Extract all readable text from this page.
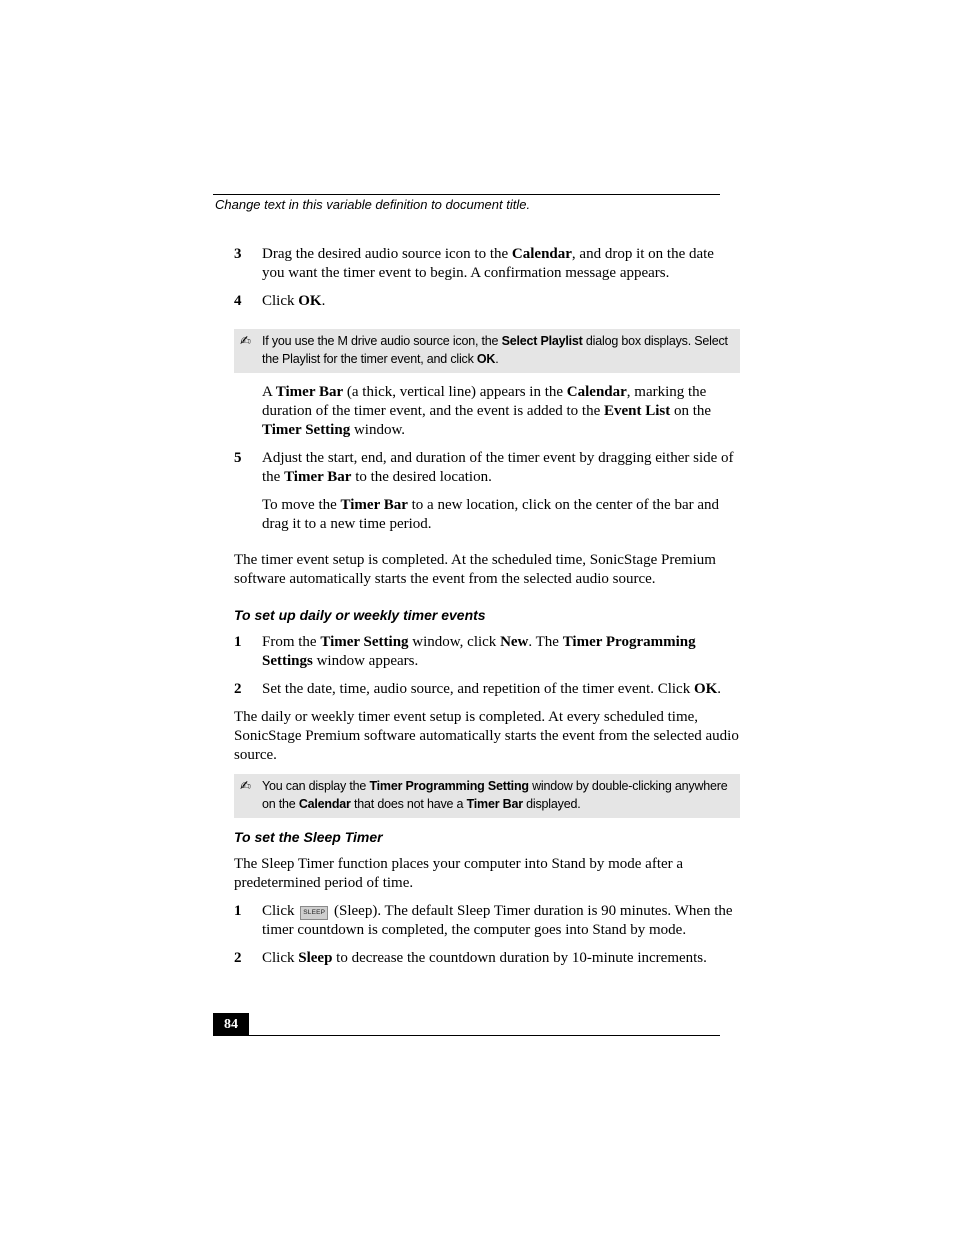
Change text in this variable definition to document title.
3 Drag the desired audio source icon to the Calendar, and drop it on the date you want the timer event to begin. A confirmation message appears.

4 Click OK.

✍ If you use the M drive audio source icon, the Select Playlist dialog box displays. Select the Playlist for the timer event, and click OK.

A Timer Bar (a thick, vertical line) appears in the Calendar, marking the duration of the timer event, and the event is added to the Event List on the Timer Setting window.

5 Adjust the start, end, and duration of the timer event by dragging either side of the Timer Bar to the desired location.

To move the Timer Bar to a new location, click on the center of the bar and drag it to a new time period.

The timer event setup is completed. At the scheduled time, SonicStage Premium software automatically starts the event from the selected audio source.

To set up daily or weekly timer events
1 From the Timer Setting window, click New. The Timer Programming Settings window appears.

2 Set the date, time, audio source, and repetition of the timer event. Click OK.

The daily or weekly timer event setup is completed. At every scheduled time, SonicStage Premium software automatically starts the event from the selected audio source.

✍ You can display the Timer Programming Setting window by double-clicking anywhere on the Calendar that does not have a Timer Bar displayed.
To set the Sleep Timer

The Sleep Timer function places your computer into Stand by mode after a predetermined period of time.

1 Click SLEEP (Sleep). The default Sleep Timer duration is 90 minutes. When the timer countdown is completed, the computer goes into Stand by mode.

2 Click Sleep to decrease the countdown duration by 10-minute increments.

84
